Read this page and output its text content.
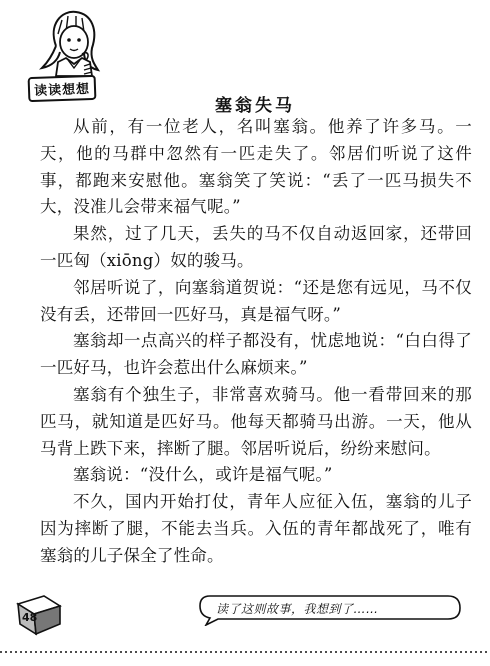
读读想想
塞翁失马

从前，有一位老人，名叫塞翁。他养了许多马。一天，他的马群中忽然有一匹走失了。邻居们听说了这件事，都跑来安慰他。塞翁笑了笑说：“丢了一匹马损失不大，没准儿会带来福气呢。”

果然，过了几天，丢失的马不仅自动返回家，还带回一匹匈（xiōng）奴的骏马。

邻居听说了，向塞翁道贺说：“还是您有远见，马不仅没有丢，还带回一匹好马，真是福气呀。”

塞翁却一点高兴的样子都没有，忧虑地说：“白白得了一匹好马，也许会惹出什么麻烦来。”

塞翁有个独生子，非常喜欢骑马。他一看带回来的那匹马，就知道是匹好马。他每天都骑马出游。一天，他从马背上跌下来，摔断了腿。邻居听说后，纷纷来慰问。

塞翁说：“没什么，或许是福气呢。”

不久，国内开始打仗，青年人应征入伍，塞翁的儿子因为摔断了腿，不能去当兵。入伍的青年都战死了，唯有塞翁的儿子保全了性命。

48
读了这则故事，我想到了……
